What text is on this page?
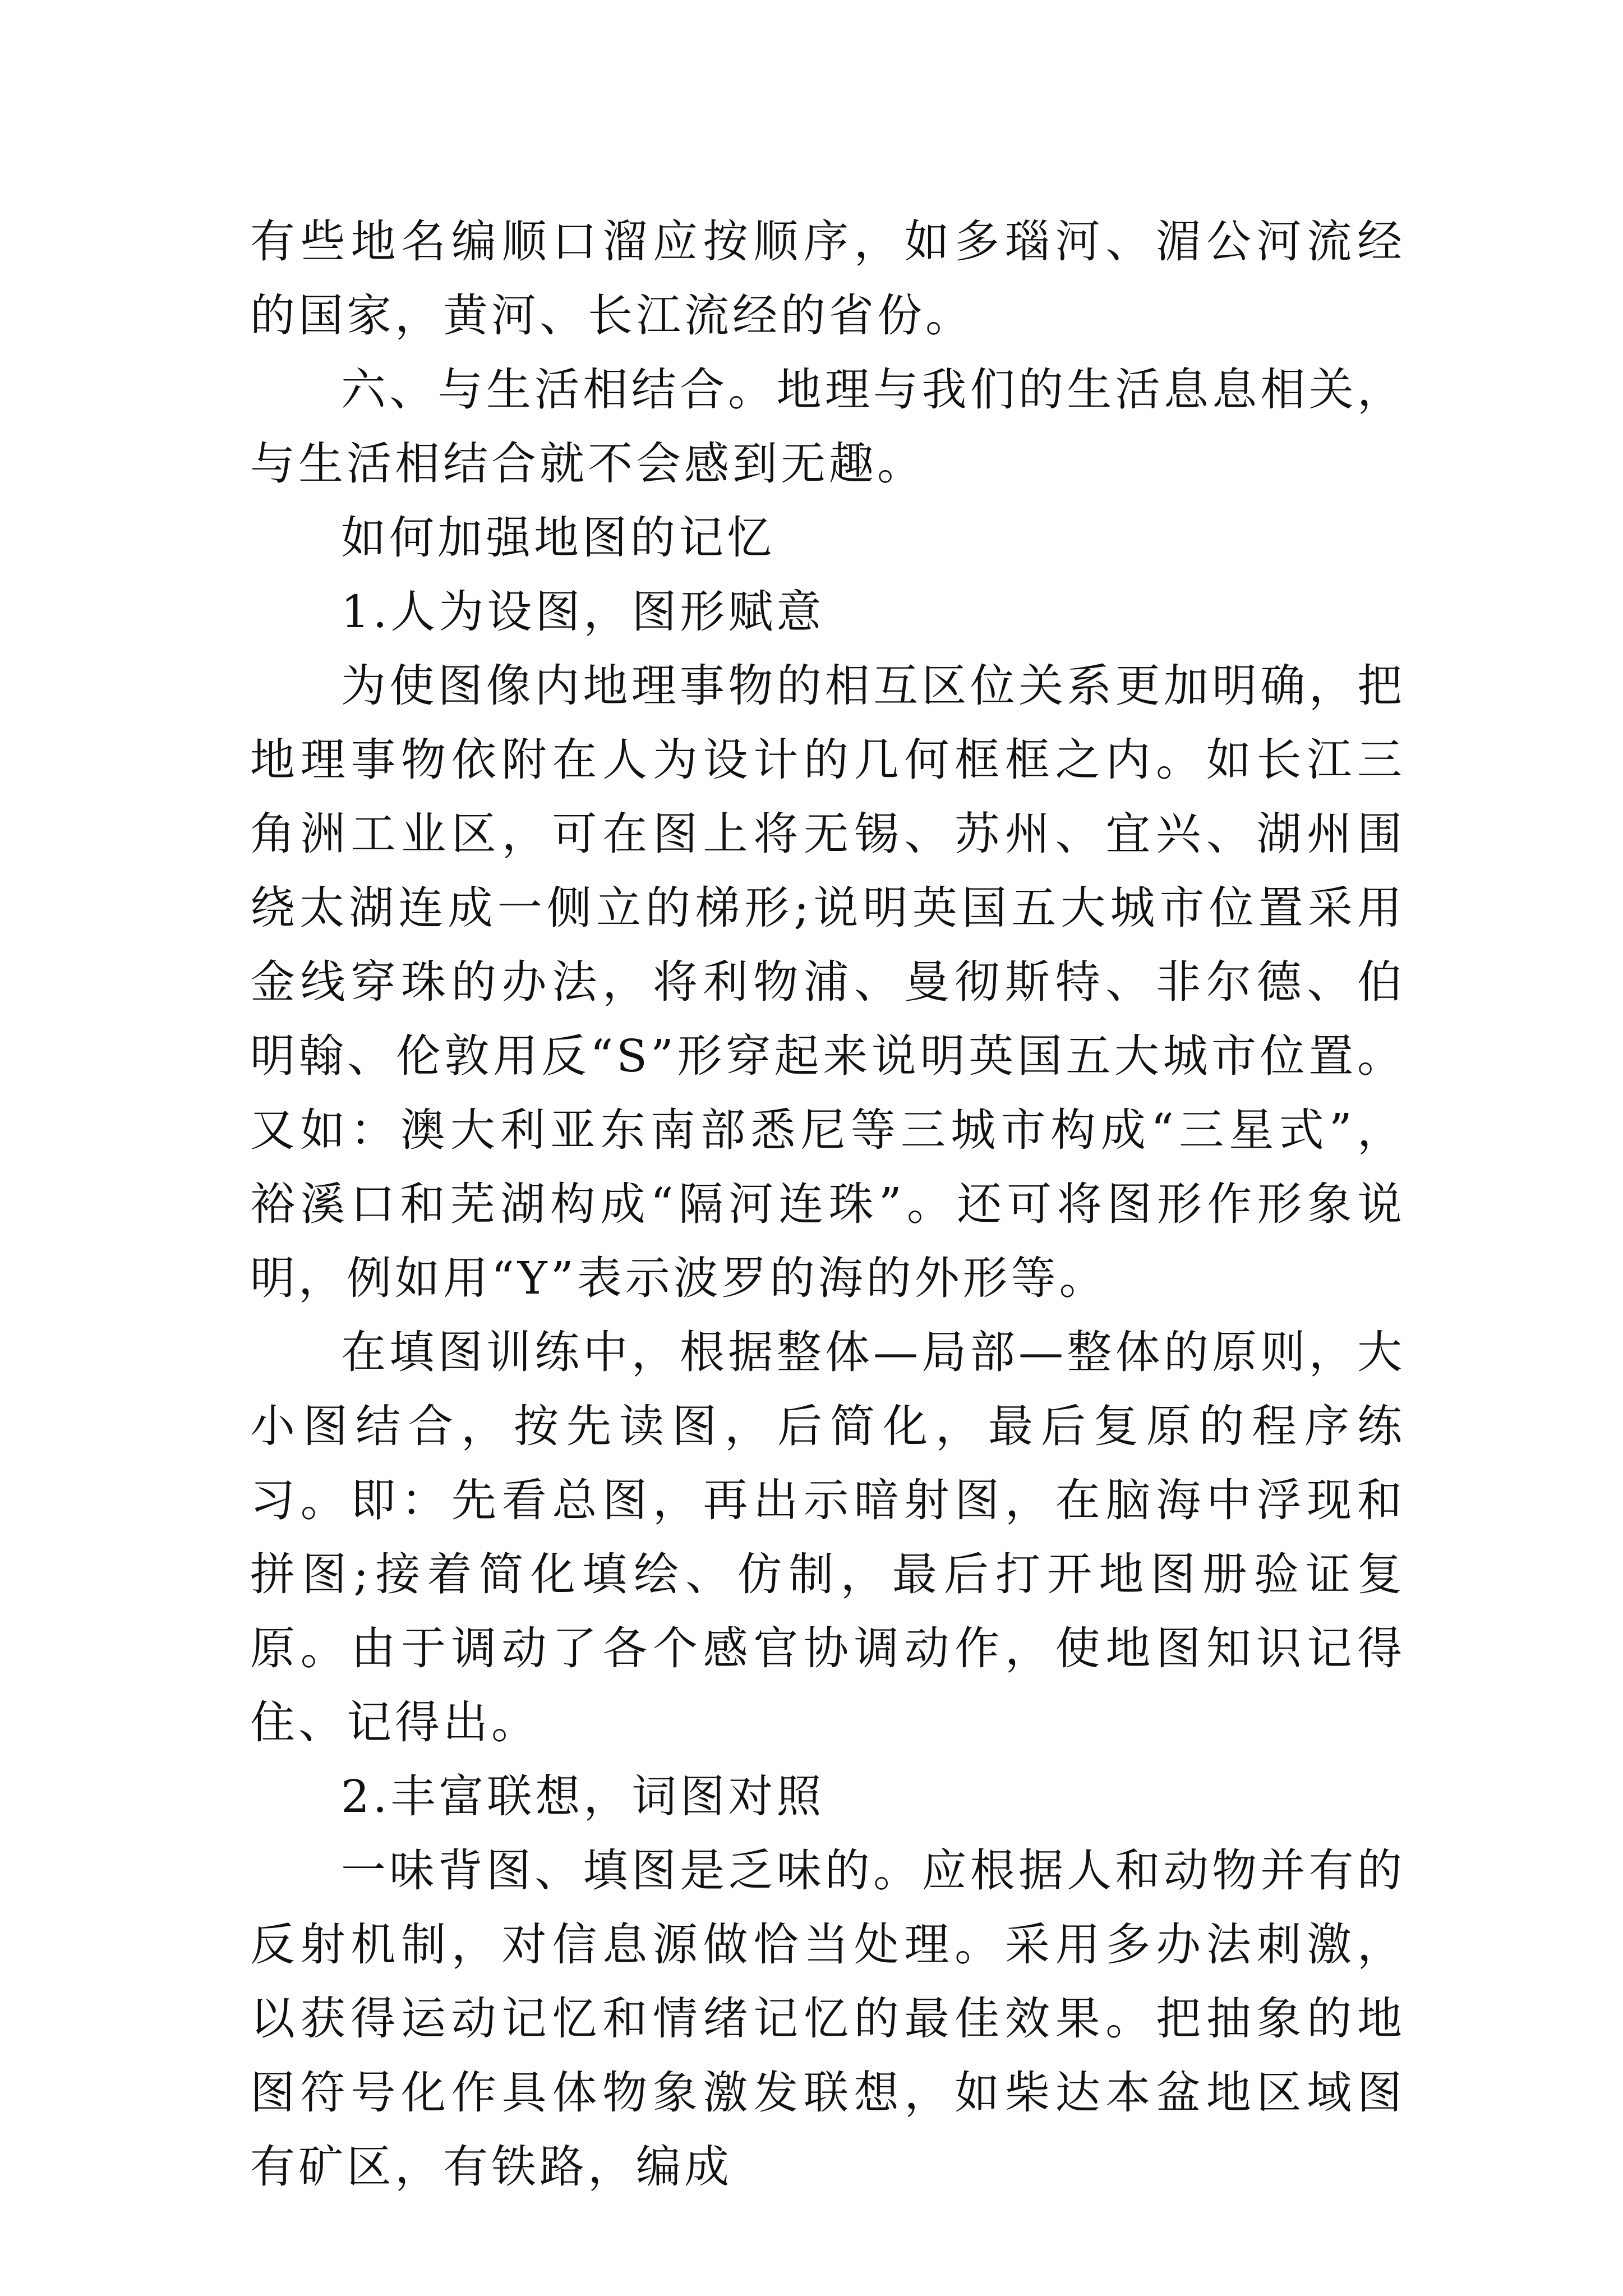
有些地名编顺口溜应按顺序，如多瑙河、湄公河流经的国家，黄河、长江流经的省份。

六、与生活相结合。地理与我们的生活息息相关，与生活相结合就不会感到无趣。

如何加强地图的记忆

1.人为设图，图形赋意

为使图像内地理事物的相互区位关系更加明确，把地理事物依附在人为设计的几何框框之内。如长江三角洲工业区，可在图上将无锡、苏州、宜兴、湖州围绕太湖连成一侧立的梯形;说明英国五大城市位置采用金线穿珠的办法，将利物浦、曼彻斯特、非尔德、伯明翰、伦敦用反“S”形穿起来说明英国五大城市位置。又如：澳大利亚东南部悉尼等三城市构成“三星式”，裕溪口和芜湖构成“隔河连珠”。还可将图形作形象说明，例如用“Y”表示波罗的海的外形等。

在填图训练中，根据整体—局部—整体的原则，大小图结合，按先读图，后简化，最后复原的程序练习。即：先看总图，再出示暗射图，在脑海中浮现和拼图;接着简化填绘、仿制，最后打开地图册验证复原。由于调动了各个感官协调动作，使地图知识记得住、记得出。

2.丰富联想，词图对照

一味背图、填图是乏味的。应根据人和动物并有的反射机制，对信息源做恰当处理。采用多办法刺激，以获得运动记忆和情绪记忆的最佳效果。把抽象的地图符号化作具体物象激发联想，如柴达本盆地区域图有矿区，有铁路，编成
